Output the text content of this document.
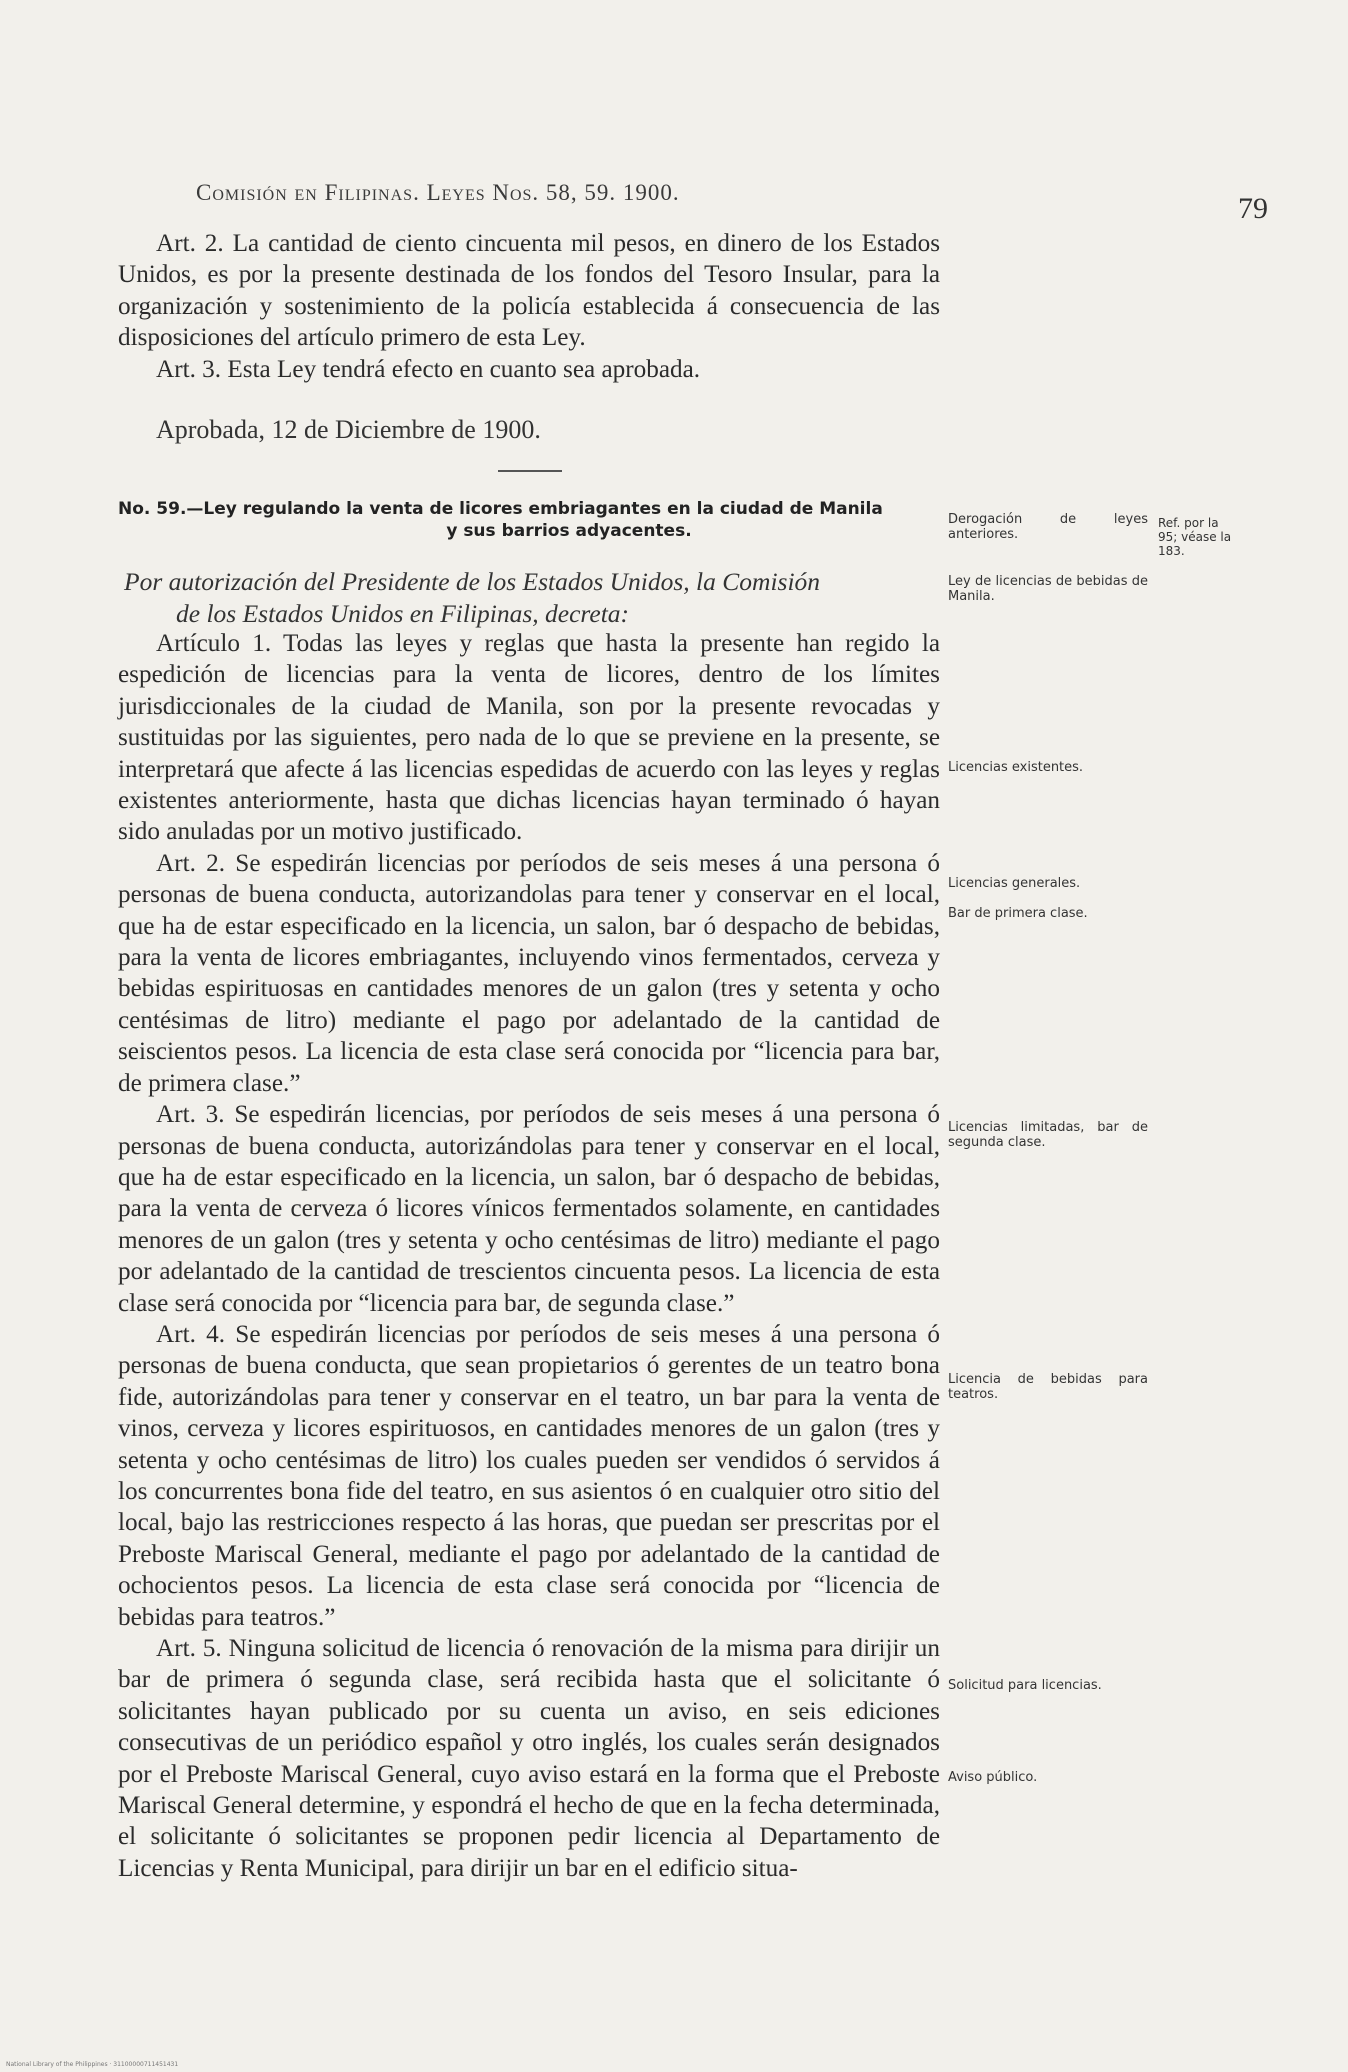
Comisión en Filipinas. Leyes Nos. 58, 59. 1900.	79

Art. 2. La cantidad de ciento cincuenta mil pesos, en dinero de los Estados Unidos, es por la presente destinada de los fondos del Tesoro Insular, para la organización y sostenimiento de la policía establecida á consecuencia de las disposiciones del artículo primero de esta Ley.

Art. 3. Esta Ley tendrá efecto en cuanto sea aprobada.

Aprobada, 12 de Diciembre de 1900.
No. 59.—Ley regulando la venta de licores embriagantes en la ciudad de Manila
y sus barrios adyacentes.
Por autorización del Presidente de los Estados Unidos, la Comisión
de los Estados Unidos en Filipinas, decreta:

Artículo 1. Todas las leyes y reglas que hasta la presente han regido la espedición de licencias para la venta de licores, dentro de los límites jurisdiccionales de la ciudad de Manila, son por la presente revocadas y sustituidas por las siguientes, pero nada de lo que se previene en la presente, se interpretará que afecte á las licencias espedidas de acuerdo con las leyes y reglas existentes anteriormente, hasta que dichas licencias hayan terminado ó hayan sido anuladas por un motivo justificado.

Art. 2. Se espedirán licencias por períodos de seis meses á una persona ó personas de buena conducta, autorizandolas para tener y conservar en el local, que ha de estar especificado en la licencia, un salon, bar ó despacho de bebidas, para la venta de licores embriagantes, incluyendo vinos fermentados, cerveza y bebidas espirituosas en cantidades menores de un galon (tres y setenta y ocho centésimas de litro) mediante el pago por adelantado de la cantidad de seiscientos pesos. La licencia de esta clase será conocida por “licencia para bar, de primera clase.”

Art. 3. Se espedirán licencias, por períodos de seis meses á una persona ó personas de buena conducta, autorizándolas para tener y conservar en el local, que ha de estar especificado en la licencia, un salon, bar ó despacho de bebidas, para la venta de cerveza ó licores vínicos fermentados solamente, en cantidades menores de un galon (tres y setenta y ocho centésimas de litro) mediante el pago por adelantado de la cantidad de trescientos cincuenta pesos. La licencia de esta clase será conocida por “licencia para bar, de segunda clase.”

Art. 4. Se espedirán licencias por períodos de seis meses á una persona ó personas de buena conducta, que sean propietarios ó gerentes de un teatro bona fide, autorizándolas para tener y conservar en el teatro, un bar para la venta de vinos, cerveza y licores espirituosos, en cantidades menores de un galon (tres y setenta y ocho centésimas de litro) los cuales pueden ser vendidos ó servidos á los concurrentes bona fide del teatro, en sus asientos ó en cualquier otro sitio del local, bajo las restricciones respecto á las horas, que puedan ser prescritas por el Preboste Mariscal General, mediante el pago por adelantado de la cantidad de ochocientos pesos. La licencia de esta clase será conocida por “licencia de bebidas para teatros.”

Art. 5. Ninguna solicitud de licencia ó renovación de la misma para dirijir un bar de primera ó segunda clase, será recibida hasta que el solicitante ó solicitantes hayan publicado por su cuenta un aviso, en seis ediciones consecutivas de un periódico español y otro inglés, los cuales serán designados por el Preboste Mariscal General, cuyo aviso estará en la forma que el Preboste Mariscal General determine, y espondrá el hecho de que en la fecha determinada, el solicitante ó solicitantes se proponen pedir licencia al Departamento de Licencias y Renta Municipal, para dirijir un bar en el edificio situa-

Derogación de leyes anteriores.
Ref. por la 95; véase la 183.
Ley de licencias de bebidas de Manila.
Licencias existentes.
Licencias generales.
Bar de primera clase.
Licencias limitadas, bar de segunda clase.
Licencia de bebidas para teatros.
Solicitud para licencias.
Aviso público.
National Library of the Philippines · 31100000711451431
